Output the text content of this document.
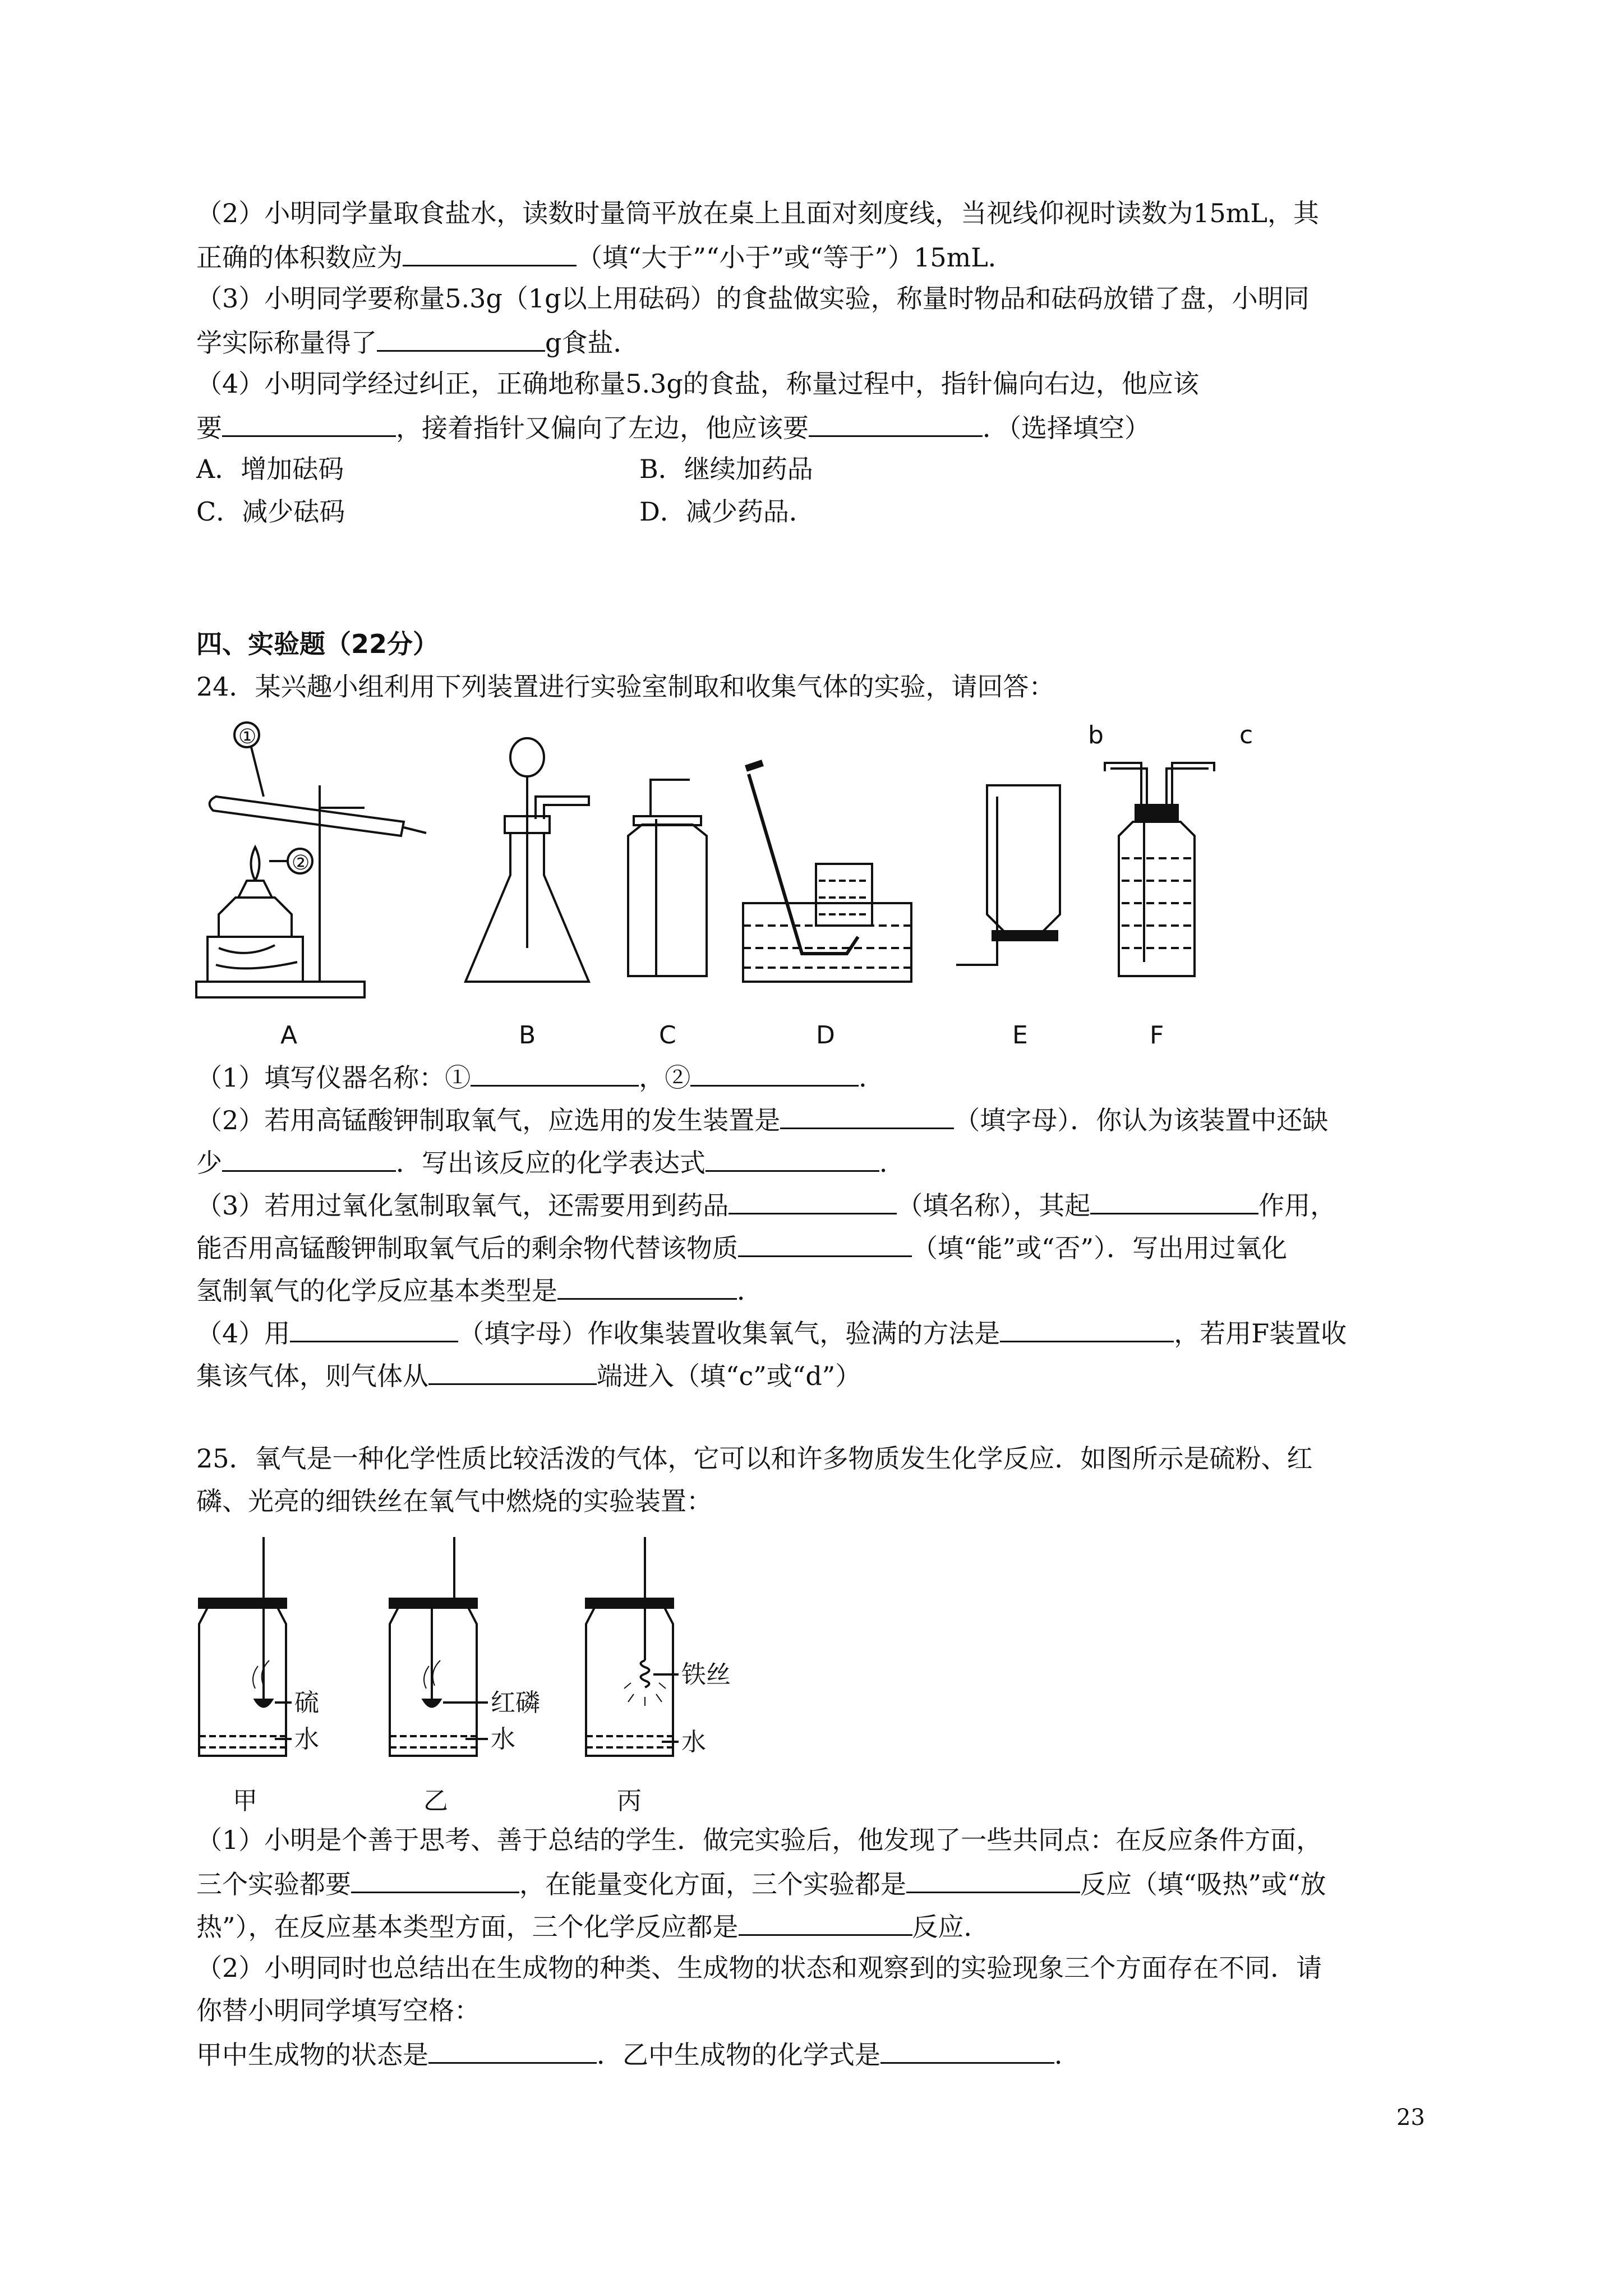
（2）小明同学量取食盐水，读数时量筒平放在桌上且面对刻度线，当视线仰视时读数为15mL，其
正确的体积数应为	（填“大于”“小于”或“等于”）15mL．
（3）小明同学要称量5.3g（1g以上用砝码）的食盐做实验，称量时物品和砝码放错了盘，小明同
学实际称量得了	g食盐．
（4）小明同学经过纠正，正确地称量5.3g的食盐，称量过程中，指针偏向右边，他应该
要	，接着指针又偏向了左边，他应该要	．（选择填空）
A．增加砝码	B．继续加药品
C．减少砝码	D．减少药品．
四、实验题（22分）
24．某兴趣小组利用下列装置进行实验室制取和收集气体的实验，请回答：
①
②
b	c
A	B	C	D	E	F
（1）填写仪器名称：①	，②	．
（2）若用高锰酸钾制取氧气，应选用的发生装置是	（填字母）．你认为该装置中还缺
少	．写出该反应的化学表达式	．
（3）若用过氧化氢制取氧气，还需要用到药品	（填名称），其起	作用，
能否用高锰酸钾制取氧气后的剩余物代替该物质	（填“能”或“否”）．写出用过氧化
氢制氧气的化学反应基本类型是	．
（4）用	（填字母）作收集装置收集氧气，验满的方法是	，若用F装置收
集该气体，则气体从	端进入（填“c”或“d”）
25．氧气是一种化学性质比较活泼的气体，它可以和许多物质发生化学反应．如图所示是硫粉、红
磷、光亮的细铁丝在氧气中燃烧的实验装置：
硫
水
甲
红磷
水
乙
铁丝
水
丙
（1）小明是个善于思考、善于总结的学生．做完实验后，他发现了一些共同点：在反应条件方面，
三个实验都要	，在能量变化方面，三个实验都是	反应（填“吸热”或“放
热”），在反应基本类型方面，三个化学反应都是	反应．
（2）小明同时也总结出在生成物的种类、生成物的状态和观察到的实验现象三个方面存在不同．请
你替小明同学填写空格：
甲中生成物的状态是	．乙中生成物的化学式是	．
23
